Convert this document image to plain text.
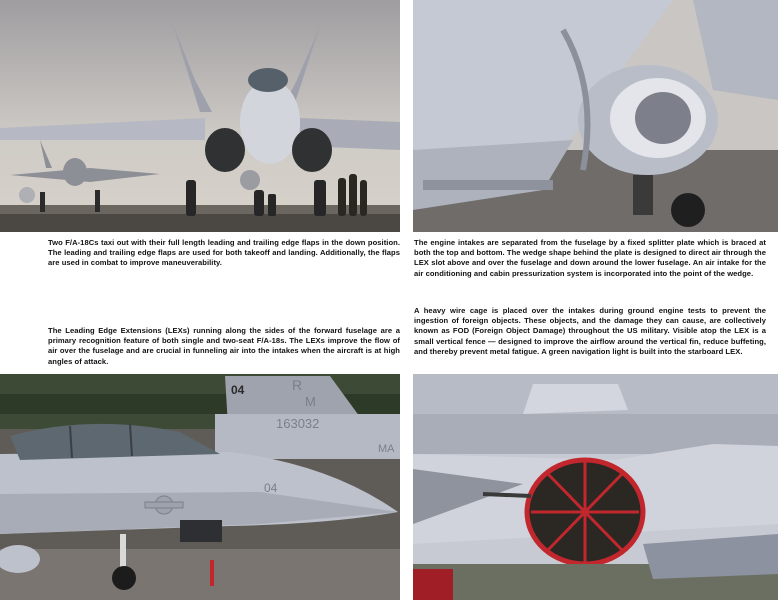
Two F/A-18Cs taxi out with their full length leading and trailing edge flaps in the down position. The leading and trailing edge flaps are used for both takeoff and landing. Additionally, the flaps are used in combat to improve maneuverability.
The engine intakes are separated from the fuselage by a fixed splitter plate which is braced at both the top and bottom. The wedge shape behind the plate is designed to direct air through the LEX slot above and over the fuselage and down around the lower fuselage. An air intake for the air conditioning and cabin pressurization system is incorporated into the point of the wedge.
The Leading Edge Extensions (LEXs) running along the sides of the forward fuselage are a primary recognition feature of both single and two-seat F/A-18s. The LEXs improve the flow of air over the fuselage and are crucial in funneling air into the intakes when the aircraft is at high angles of attack.
A heavy wire cage is placed over the intakes during ground engine tests to prevent the ingestion of foreign objects. These objects, and the damage they can cause, are collectively known as FOD (Foreign Object Damage) throughout the US military. Visible atop the LEX is a small vertical fence — designed to improve the airflow around the vertical fin, reduce buffeting, and thereby prevent metal fatigue. A green navigation light is built into the starboard LEX.
04	R
M
163032
MA
04
